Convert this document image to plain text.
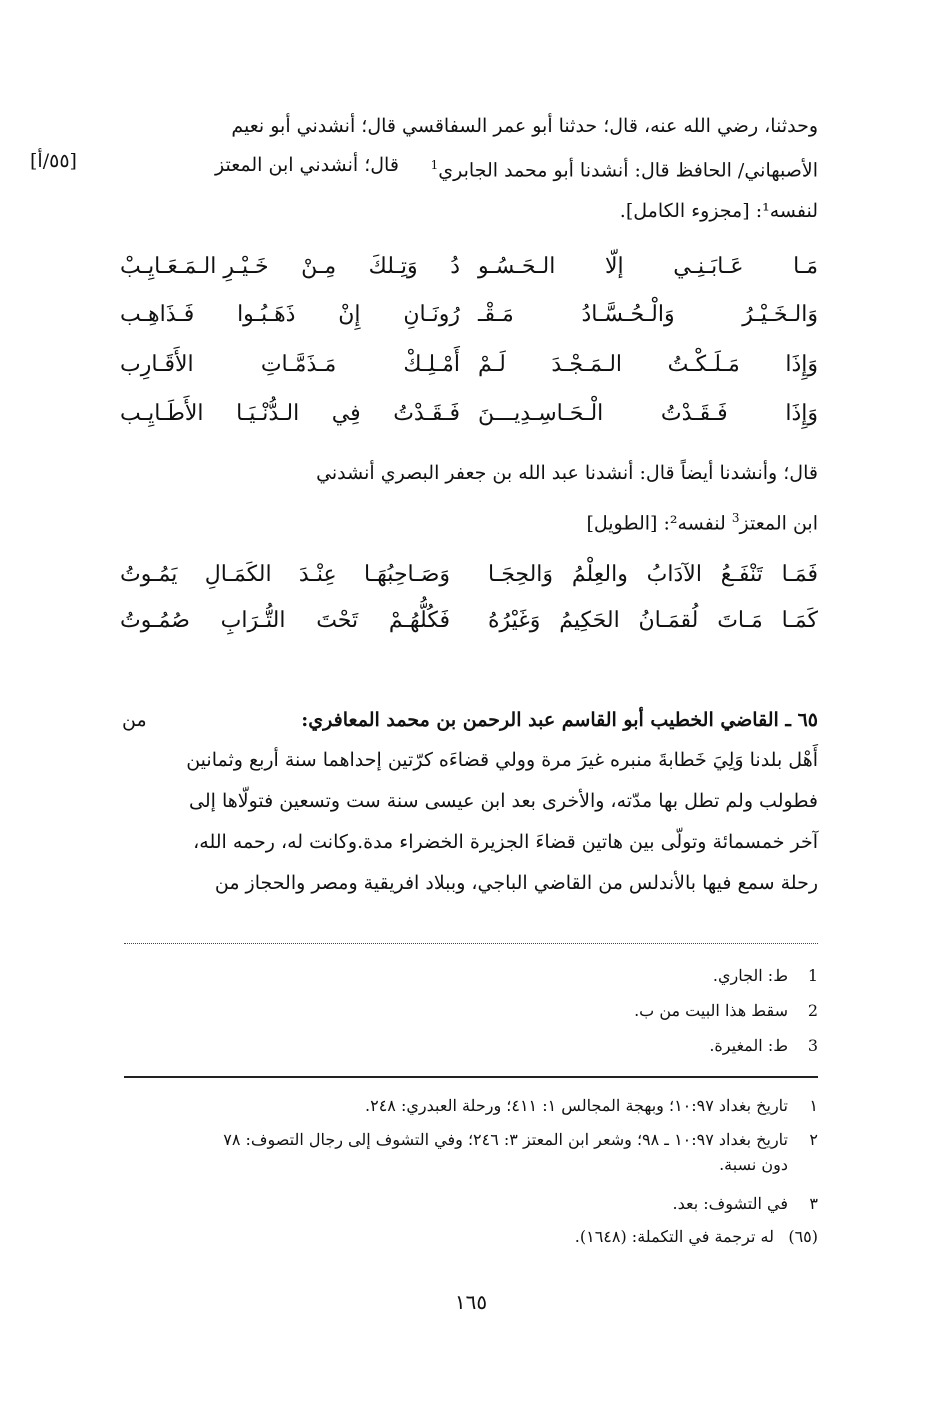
وحدثنا، رضي الله عنه، قال؛ حدثنا أبو عمر السفاقسي قال؛ أنشدني أبو نعيم
الأصبهاني/ الحافظ قال: أنشدنا أبو محمد الجابري$^1$
قال؛ أنشدني ابن المعتز
[٥٥/أ]
لنفسه¹: [مجزوء الكامل].
مَـا
عَـابَـنِـي
إلّا
الـحَـسُـو
دُ
وَتِـلكَ
مِـنْ
خَـيْـرِ الـمَـعَـايِـبْ
وَالـخَـيْـرُ
وَالْـحُـسَّـادُ
مَـقْـ
رُونَـانِ
إِنْ
ذَهَـبُـوا
فَـذَاهِـب
وَإِذَا
مَـلَـكْـتُ
الـمَـجْـدَ
لَـمْ
أَمْـلِـكْ
مَـذَمَّـاتِ
الأَقَـارِب
وَإِذَا
فَـقَـدْتُ
الْـحَـاسِـدِيـــنَ
فَـقَـدْتُ
فِي
الـدُّنْـيَـا
الأَطَـايِـب
قال؛ وأنشدنا أيضاً قال: أنشدنا عبد الله بن جعفر البصري أنشدني
ابن المعتز$^3$ لنفسه²: [الطويل]
فَمَـا
تَنْفَـعُ
الآدَابُ
والعِلْمُ
وَالحِجَـا
وَصَـاحِبُهَـا
عِنْـدَ
الكَمَـالِ
يَمُـوتُ
كَمَـا
مَـاتَ
لُقمَـانُ
الحَكِيمُ
وَغَيْرُهُ
فَكُلُّهُـمْ
تَحْتَ
التُّـرَابِ
صُمُـوتُ
٦٥ ـ القاضي الخطيب أبو القاسم عبد الرحمن بن محمد المعافري:
من
أَهْل بلدنا وَلِيَ خَطابةَ منبره غيرَ مرة وولي قضاءَه كرّتين إحداهما سنة أربع وثمانين
فطولب ولم تطل بها مدّته، والأخرى بعد ابن عيسى سنة ست وتسعين فتولّاها إلى
آخر خمسمائة وتولّى بين هاتين قضاءَ الجزيرة الخضراء مدة.وكانت له، رحمه الله،
رحلة سمع فيها بالأندلس من القاضي الباجي، وببلاد افريقية ومصر والحجاز من
1ط: الجاري.
2سقط هذا البيت من ب.
3ط: المغيرة.
١
تاريخ بغداد ١٠:٩٧؛ وبهجة المجالس ١: ٤١١؛ ورحلة العبدري: ٢٤٨.
٢
تاريخ بغداد ١٠:٩٧ ـ ٩٨؛ وشعر ابن المعتز ٣: ٢٤٦؛ وفي التشوف إلى رجال التصوف: ٧٨
دون نسبة.
٣
في التشوف: بعد.
(٦٥)
له ترجمة في التكملة: (١٦٤٨).
١٦٥
